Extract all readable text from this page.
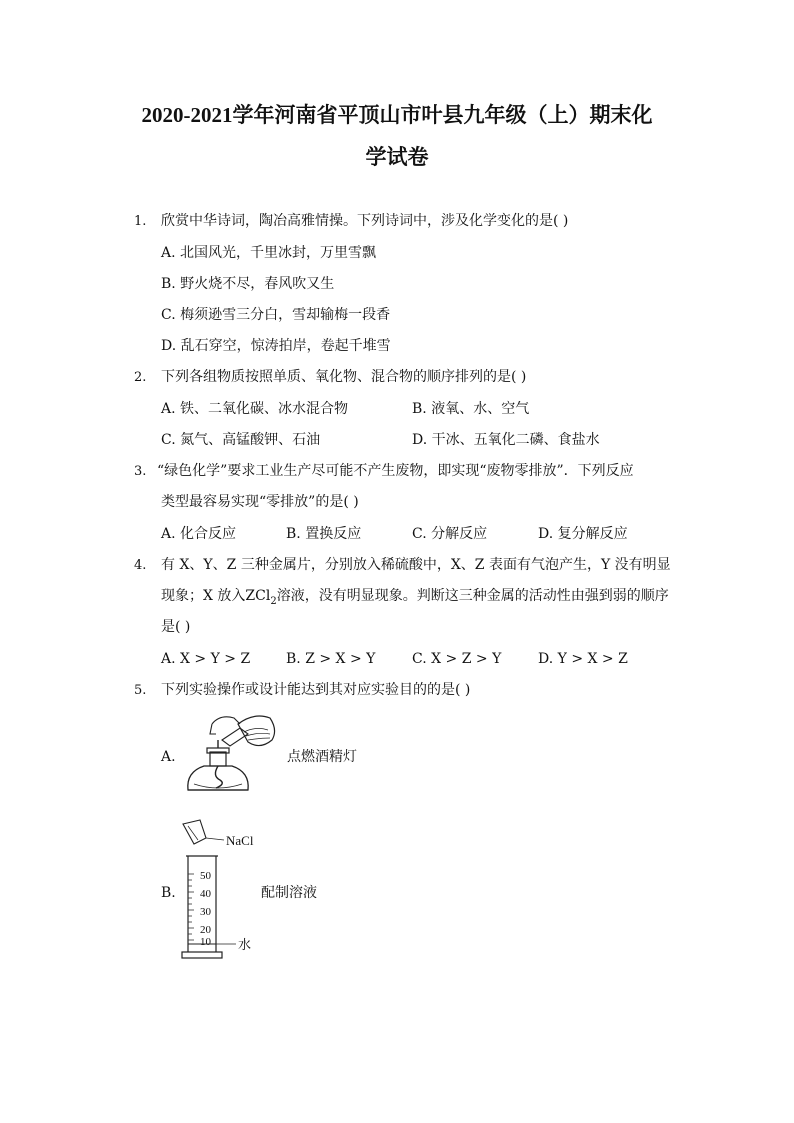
2020-2021学年河南省平顶山市叶县九年级（上）期末化
学试卷
1. 欣赏中华诗词，陶冶高雅情操。下列诗词中，涉及化学变化的是( )
A. 北国风光，千里冰封，万里雪飘
B. 野火烧不尽，春风吹又生
C. 梅须逊雪三分白，雪却输梅一段香
D. 乱石穿空，惊涛拍岸，卷起千堆雪
2. 下列各组物质按照单质、氧化物、混合物的顺序排列的是( )
A. 铁、二氧化碳、冰水混合物	B. 液氧、水、空气
C. 氮气、高锰酸钾、石油	D. 干冰、五氧化二磷、食盐水
3. “绿色化学”要求工业生产尽可能不产生废物，即实现“废物零排放”．下列反应
类型最容易实现“零排放”的是( )
A. 化合反应	B. 置换反应	C. 分解反应	D. 复分解反应
4. 有 X、Y、Z 三种金属片，分别放入稀硫酸中，X、Z 表面有气泡产生，Y 没有明显
现象；X 放入ZCl$_2$溶液，没有明显现象。判断这三种金属的活动性由强到弱的顺序
是( )
A. X > Y > Z	B. Z > X > Y	C. X > Z > Y	D. Y > X > Z
5. 下列实验操作或设计能达到其对应实验目的的是( )
A.	点燃酒精灯
B.
NaCl
50
40
30
20
10 水
配制溶液
